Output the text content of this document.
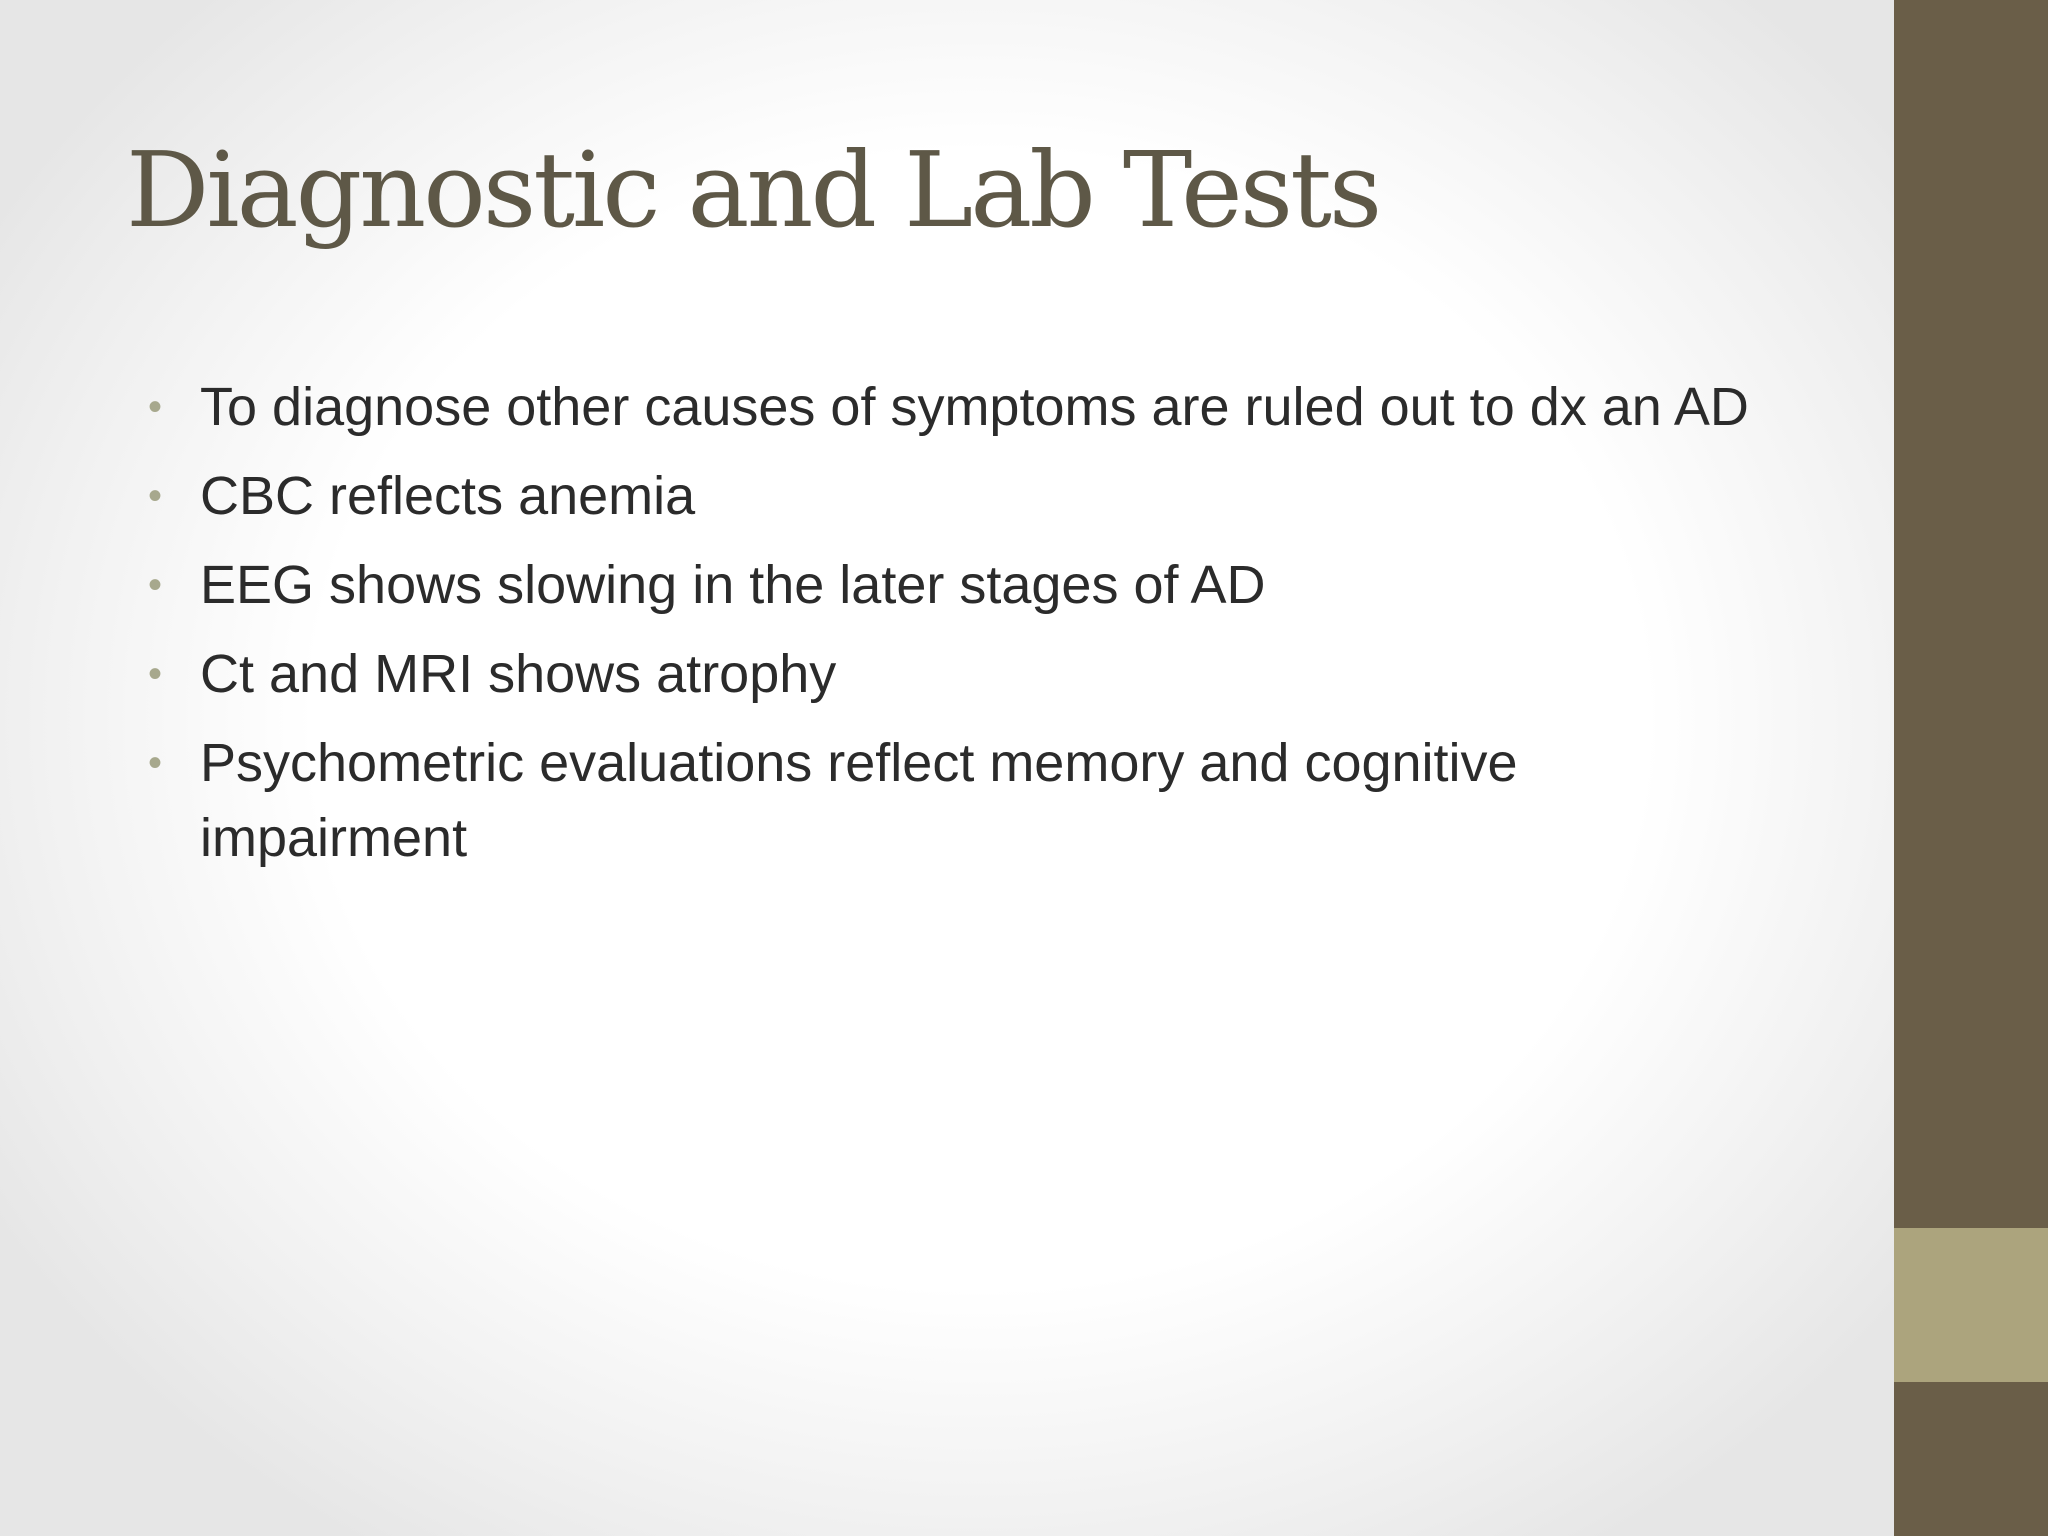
Diagnostic and Lab Tests
• To diagnose other causes of symptoms are ruled out to dx an AD
• CBC reflects anemia
• EEG shows slowing in the later stages of AD
• Ct and MRI shows atrophy
• Psychometric evaluations reflect memory and cognitive impairment
